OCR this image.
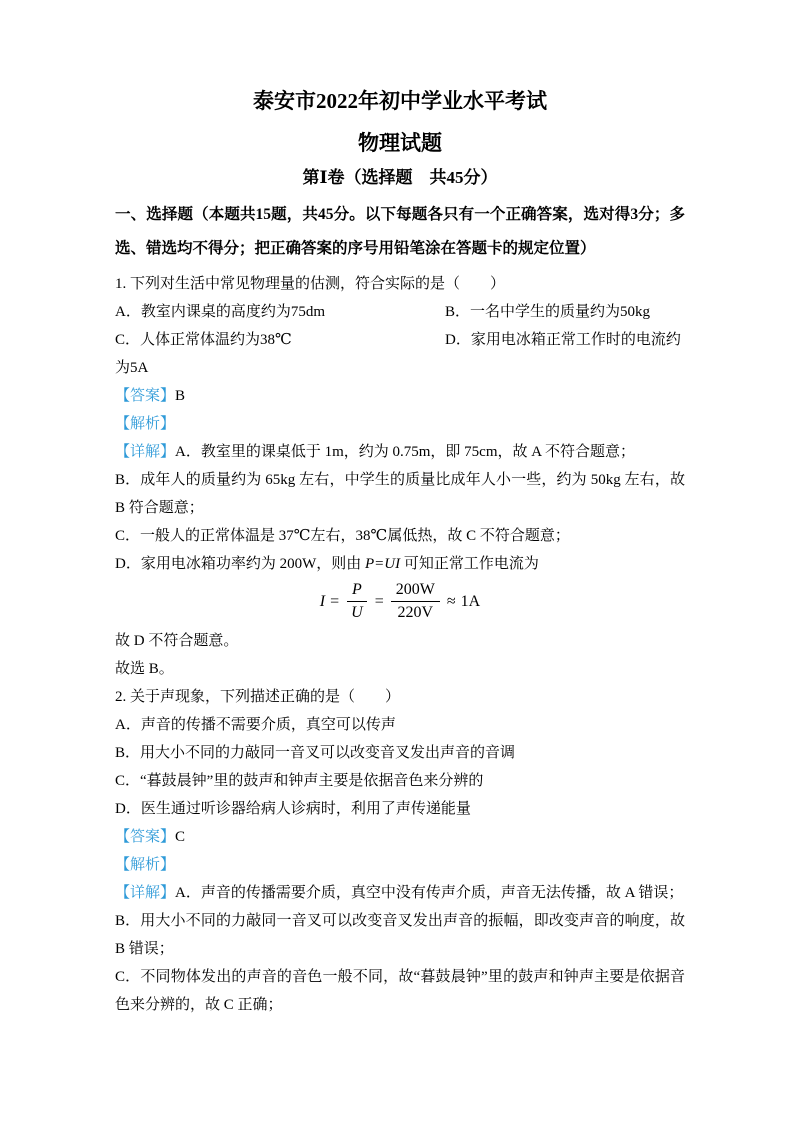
泰安市2022年初中学业水平考试
物理试题
第Ⅰ卷（选择题　共45分）

一、选择题（本题共15题，共45分。以下每题各只有一个正确答案，选对得3分；多选、错选均不得分；把正确答案的序号用铅笔涂在答题卡的规定位置）

1. 下列对生活中常见物理量的估测，符合实际的是（　　）

A．教室内课桌的高度约为75dm	B．一名中学生的质量约为50kg
C．人体正常体温约为38℃	D．家用电冰箱正常工作时的电流约

为5A

【答案】B

【解析】

【详解】A．教室里的课桌低于 1m，约为 0.75m，即 75cm，故 A 不符合题意；

B．成年人的质量约为 65kg 左右，中学生的质量比成年人小一些，约为 50kg 左右，故 B 符合题意；

C．一般人的正常体温是 37℃左右，38℃属低热，故 C 不符合题意；

D．家用电冰箱功率约为 200W，则由 P=UI 可知正常工作电流为

$I = \frac{P}{U} = \frac{200W}{220V} \approx 1A$

故 D 不符合题意。

故选 B。

2. 关于声现象，下列描述正确的是（　　）

A．声音的传播不需要介质，真空可以传声

B．用大小不同的力敲同一音叉可以改变音叉发出声音的音调

C．“暮鼓晨钟”里的鼓声和钟声主要是依据音色来分辨的

D．医生通过听诊器给病人诊病时，利用了声传递能量

【答案】C

【解析】

【详解】A．声音的传播需要介质，真空中没有传声介质，声音无法传播，故 A 错误；

B．用大小不同的力敲同一音叉可以改变音叉发出声音的振幅，即改变声音的响度，故 B 错误；

C．不同物体发出的声音的音色一般不同，故“暮鼓晨钟”里的鼓声和钟声主要是依据音色来分辨的，故 C 正确；
